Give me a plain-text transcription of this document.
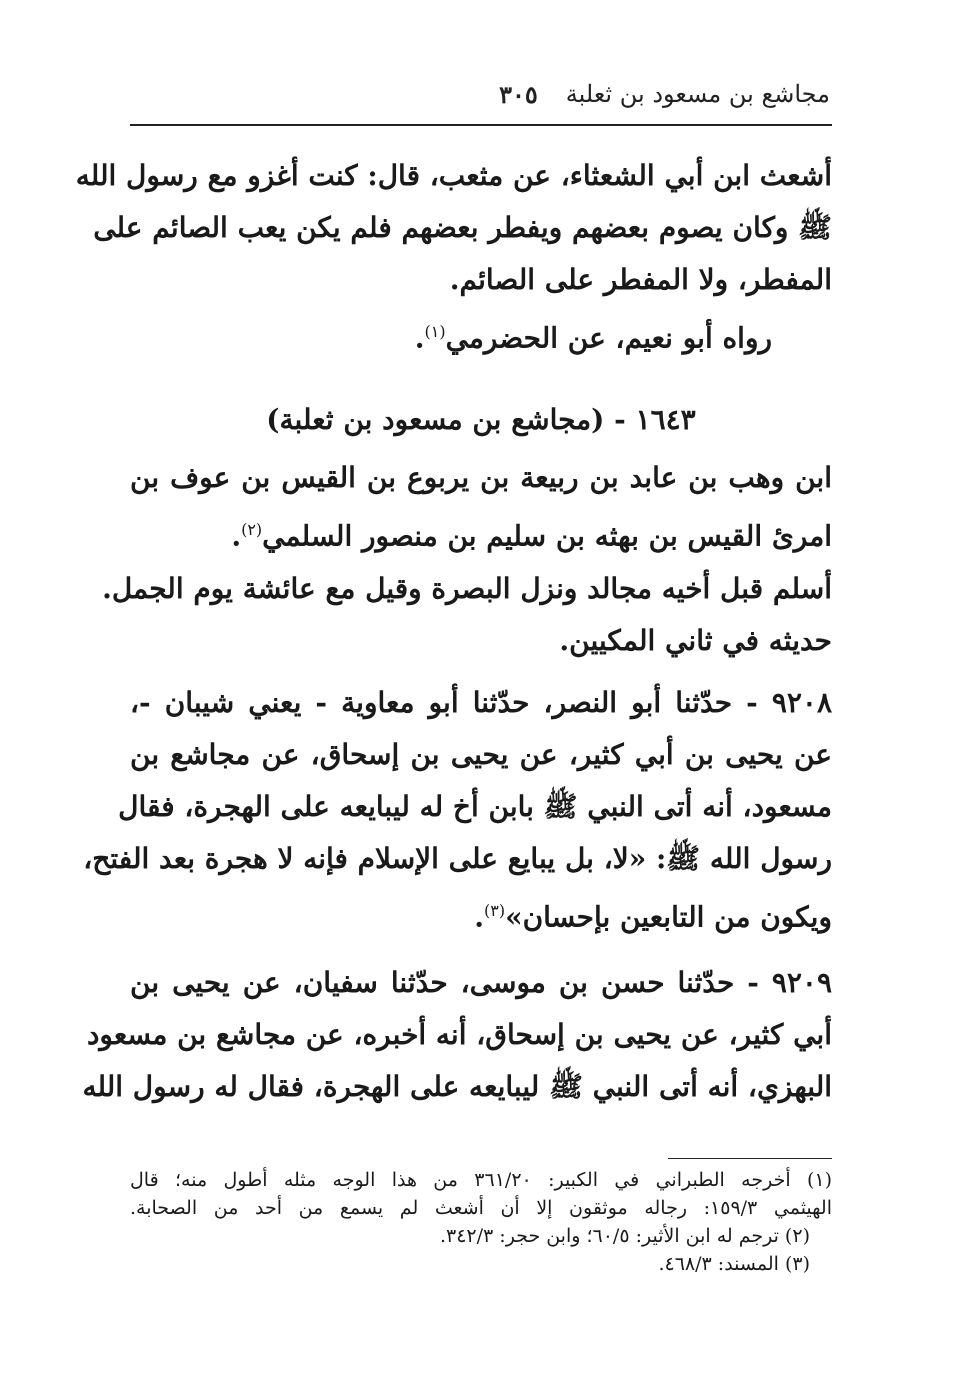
مجاشع بن مسعود بن ثعلبة
٣٠٥
أشعث ابن أبي الشعثاء، عن مثعب، قال: كنت أغزو مع رسول الله
ﷺ وكان يصوم بعضهم ويفطر بعضهم فلم يكن يعب الصائم على
المفطر، ولا المفطر على الصائم.
رواه أبو نعيم، عن الحضرمي$^{(١)}$.
١٦٤٣ - (مجاشع بن مسعود بن ثعلبة)
ابن وهب بن عابد بن ربيعة بن يربوع بن القيس بن عوف بن
امرئ القيس بن بهثه بن سليم بن منصور السلمي$^{(٢)}$.
أسلم قبل أخيه مجالد ونزل البصرة وقيل مع عائشة يوم الجمل.
حديثه في ثاني المكيين.
٩٢٠٨ - حدّثنا أبو النصر، حدّثنا أبو معاوية - يعني شيبان -،
عن يحيى بن أبي كثير، عن يحيى بن إسحاق، عن مجاشع بن
مسعود، أنه أتى النبي ﷺ بابن أخ له ليبايعه على الهجرة، فقال
رسول الله ﷺ: «لا، بل يبايع على الإسلام فإنه لا هجرة بعد الفتح،
ويكون من التابعين بإحسان»$^{(٣)}$.
٩٢٠٩ - حدّثنا حسن بن موسى، حدّثنا سفيان، عن يحيى بن
أبي كثير، عن يحيى بن إسحاق، أنه أخبره، عن مجاشع بن مسعود
البهزي، أنه أتى النبي ﷺ ليبايعه على الهجرة، فقال له رسول الله
(١) أخرجه الطبراني في الكبير: ٣٦١/٢٠ من هذا الوجه مثله أطول منه؛ قال
الهيثمي ١٥٩/٣: رجاله موثقون إلا أن أشعث لم يسمع من أحد من الصحابة.
(٢) ترجم له ابن الأثير: ٦٠/٥؛ وابن حجر: ٣٤٢/٣.
(٣) المسند: ٤٦٨/٣.
